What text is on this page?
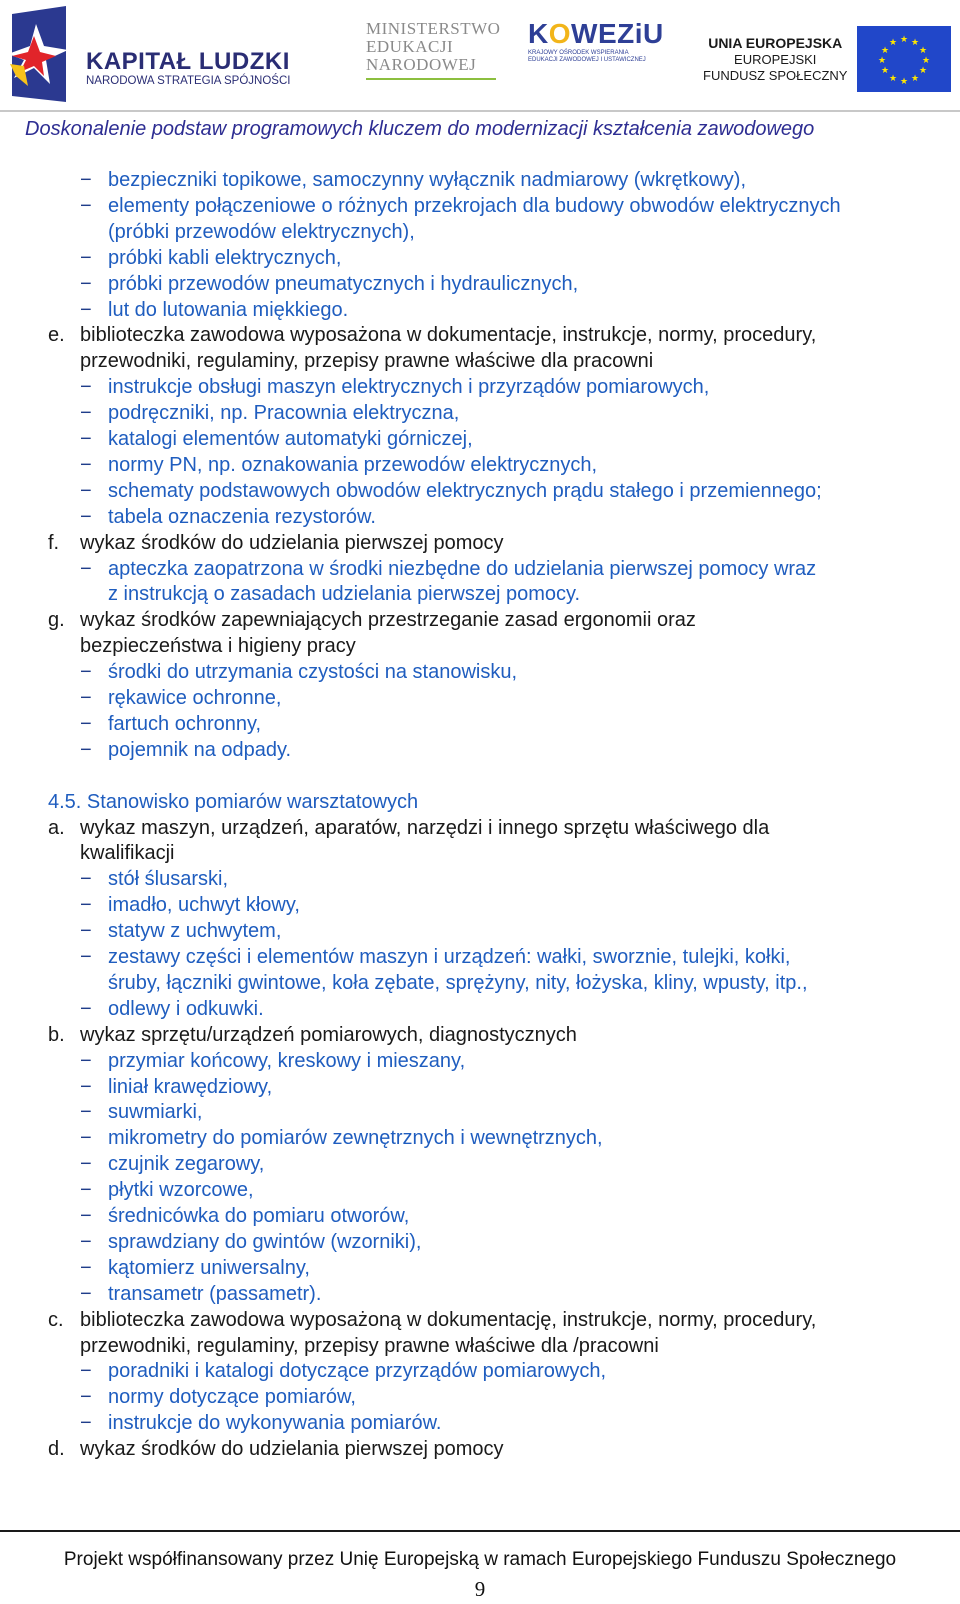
KAPITAŁ LUDZKI
NARODOWA STRATEGIA SPÓJNOŚCI
MINISTERSTWO
EDUKACJI
NARODOWEJ
KOWEZiU
KRAJOWY OŚRODEK WSPIERANIA
EDUKACJI ZAWODOWEJ I USTAWICZNEJ
UNIA EUROPEJSKA
EUROPEJSKI
FUNDUSZ SPOŁECZNY
★ ★
★
★
★
★
★
★
★
★
★
★
Doskonalenie podstaw programowych kluczem do modernizacji kształcenia zawodowego
− bezpieczniki topikowe, samoczynny wyłącznik nadmiarowy (wkrętkowy),
− elementy połączeniowe o różnych przekrojach dla budowy obwodów elektrycznych
(próbki przewodów elektrycznych),
− próbki kabli elektrycznych,
− próbki przewodów pneumatycznych i hydraulicznych,
− lut do lutowania miękkiego.
e. biblioteczka zawodowa wyposażona w dokumentacje, instrukcje, normy, procedury,
przewodniki, regulaminy, przepisy prawne właściwe dla pracowni
− instrukcje obsługi maszyn elektrycznych i przyrządów pomiarowych,
− podręczniki, np. Pracownia elektryczna,
− katalogi elementów automatyki górniczej,
− normy PN, np. oznakowania przewodów elektrycznych,
− schematy podstawowych obwodów elektrycznych prądu stałego i przemiennego;
− tabela oznaczenia rezystorów.
f. wykaz środków do udzielania pierwszej pomocy
− apteczka zaopatrzona w środki niezbędne do udzielania pierwszej pomocy wraz
z instrukcją o zasadach udzielania pierwszej pomocy.
g. wykaz środków zapewniających przestrzeganie zasad ergonomii oraz
bezpieczeństwa i higieny pracy
− środki do utrzymania czystości na stanowisku,
− rękawice ochronne,
− fartuch ochronny,
− pojemnik na odpady.
4.5. Stanowisko pomiarów warsztatowych
a. wykaz maszyn, urządzeń, aparatów, narzędzi i innego sprzętu właściwego dla
kwalifikacji
− stół ślusarski,
− imadło, uchwyt kłowy,
− statyw z uchwytem,
− zestawy części i elementów maszyn i urządzeń: wałki, sworznie, tulejki, kołki,
śruby, łączniki gwintowe, koła zębate, sprężyny, nity, łożyska, kliny, wpusty, itp.,
− odlewy i odkuwki.
b. wykaz sprzętu/urządzeń pomiarowych, diagnostycznych
− przymiar końcowy, kreskowy i mieszany,
− liniał krawędziowy,
− suwmiarki,
− mikrometry do pomiarów zewnętrznych i wewnętrznych,
− czujnik zegarowy,
− płytki wzorcowe,
− średnicówka do pomiaru otworów,
− sprawdziany do gwintów (wzorniki),
− kątomierz uniwersalny,
− transametr (passametr).
c. biblioteczka zawodowa wyposażoną w dokumentację, instrukcje, normy, procedury,
przewodniki, regulaminy, przepisy prawne właściwe dla /pracowni
− poradniki i katalogi dotyczące przyrządów pomiarowych,
− normy dotyczące pomiarów,
− instrukcje do wykonywania pomiarów.
d. wykaz środków do udzielania pierwszej pomocy
Projekt współfinansowany przez Unię Europejską w ramach Europejskiego Funduszu Społecznego
9
